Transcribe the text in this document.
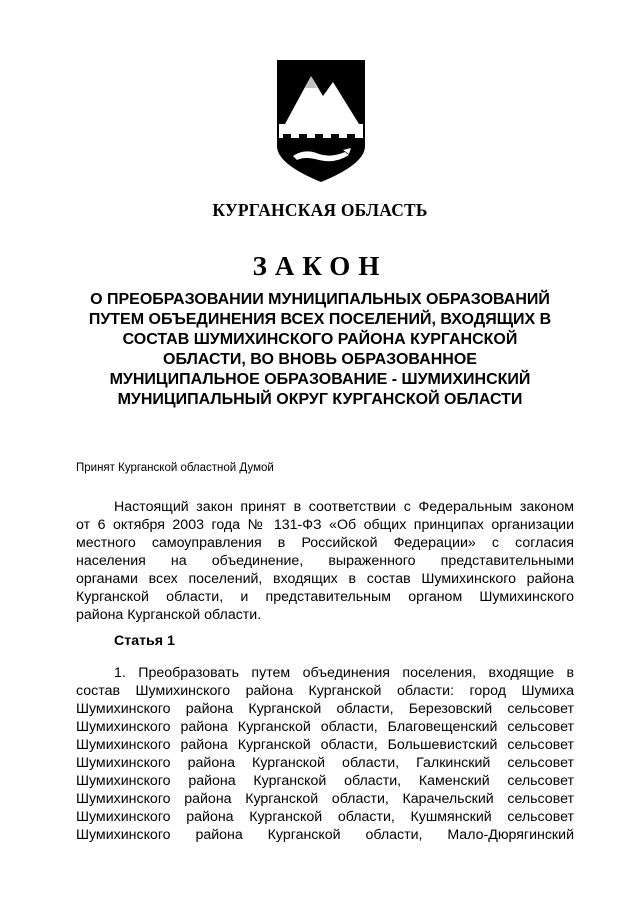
КУРГАНСКАЯ ОБЛАСТЬ
ЗАКОН
О ПРЕОБРАЗОВАНИИ МУНИЦИПАЛЬНЫХ ОБРАЗОВАНИЙ
ПУТЕМ ОБЪЕДИНЕНИЯ ВСЕХ ПОСЕЛЕНИЙ, ВХОДЯЩИХ В
СОСТАВ ШУМИХИНСКОГО РАЙОНА КУРГАНСКОЙ
ОБЛАСТИ, ВО ВНОВЬ ОБРАЗОВАННОЕ
МУНИЦИПАЛЬНОЕ ОБРАЗОВАНИЕ - ШУМИХИНСКИЙ
МУНИЦИПАЛЬНЫЙ ОКРУГ КУРГАНСКОЙ ОБЛАСТИ
Принят Курганской областной Думой
Настоящий закон принят в соответствии с Федеральным законом
от 6 октября 2003 года № 131-ФЗ «Об общих принципах организации
местного самоуправления в Российской Федерации» с согласия
населения на объединение, выраженного представительными
органами всех поселений, входящих в состав Шумихинского района
Курганской области, и представительным органом Шумихинского
района Курганской области.
Статья 1
1. Преобразовать путем объединения поселения, входящие в
состав Шумихинского района Курганской области: город Шумиха
Шумихинского района Курганской области, Березовский сельсовет
Шумихинского района Курганской области, Благовещенский сельсовет
Шумихинского района Курганской области, Большевистский сельсовет
Шумихинского района Курганской области, Галкинский сельсовет
Шумихинского района Курганской области, Каменский сельсовет
Шумихинского района Курганской области, Карачельский сельсовет
Шумихинского района Курганской области, Кушмянский сельсовет
Шумихинского района Курганской области, Мало-Дюрягинский
